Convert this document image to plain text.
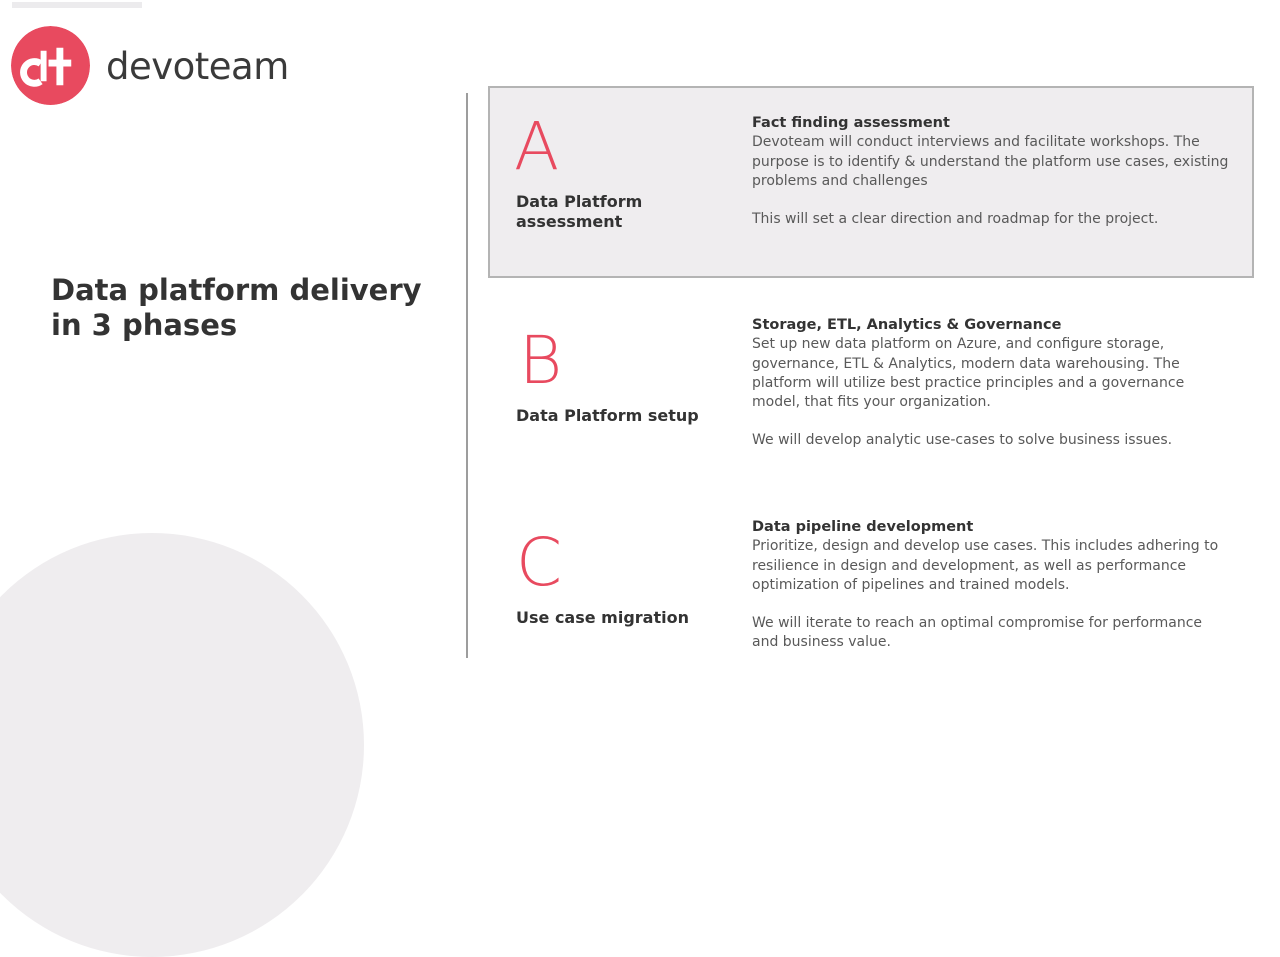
devoteam
Data platform delivery in 3 phases
A
Data Platform assessment
Fact finding assessment
Devoteam will conduct interviews and facilitate workshops. The purpose is to identify & understand the platform use cases, existing problems and challenges
This will set a clear direction and roadmap for the project.
B
Data Platform setup
Storage, ETL, Analytics & Governance
Set up new data platform on Azure, and configure storage, governance, ETL & Analytics, modern data warehousing. The platform will utilize best practice principles and a governance model, that fits your organization.
We will develop analytic use-cases to solve business issues.
C
Use case migration
Data pipeline development
Prioritize, design and develop use cases. This includes adhering to resilience in design and development, as well as performance optimization of pipelines and trained models.
We will iterate to reach an optimal compromise for performance and business value.
